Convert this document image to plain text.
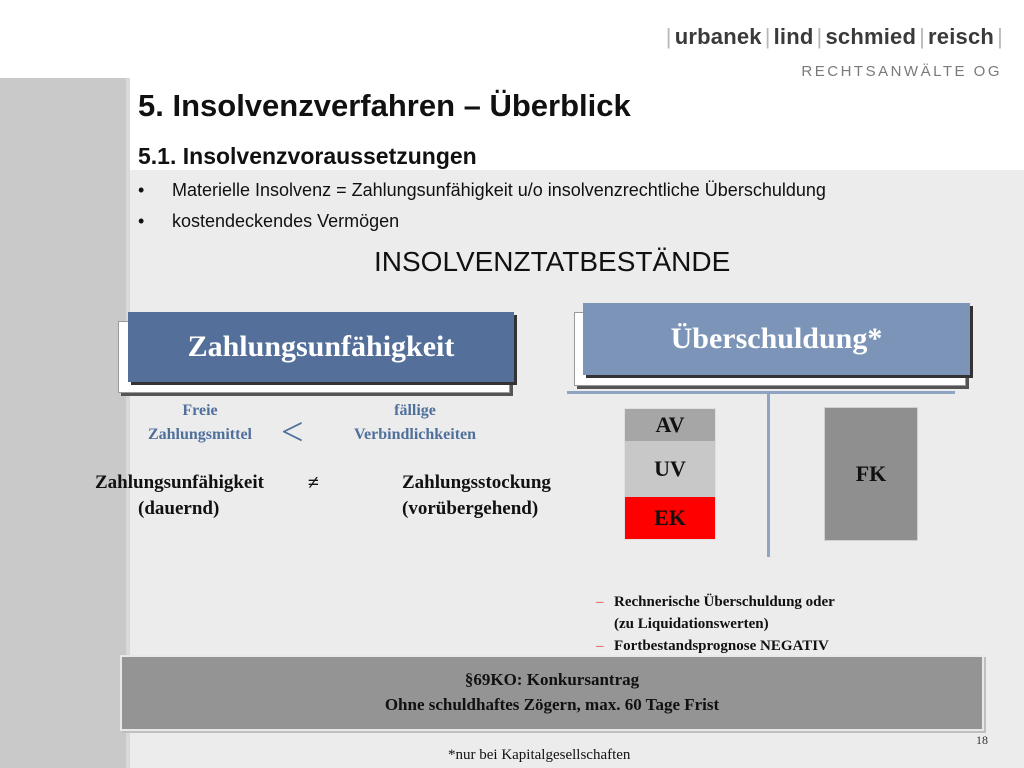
| urbanek | lind | schmied | reisch |
RECHTSANWÄLTE OG
5. Insolvenzverfahren – Überblick
5.1. Insolvenzvoraussetzungen
• Materielle Insolvenz = Zahlungsunfähigkeit u/o insolvenzrechtliche Überschuldung
• kostendeckendes Vermögen
INSOLVENZTATBESTÄNDE
Zahlungsunfähigkeit
Freie
Zahlungsmittel <	fällige
Verbindlichkeiten
Zahlungsunfähigkeit
(dauernd)
≠	Zahlungsstockung
(vorübergehend)
Überschuldung*
AV
UV
EK
FK
– Rechnerische Überschuldung oder
(zu Liquidationswerten)
– Fortbestandsprognose NEGATIV
§69KO: Konkursantrag
Ohne schuldhaftes Zögern, max. 60 Tage Frist
*nur bei Kapitalgesellschaften
18
